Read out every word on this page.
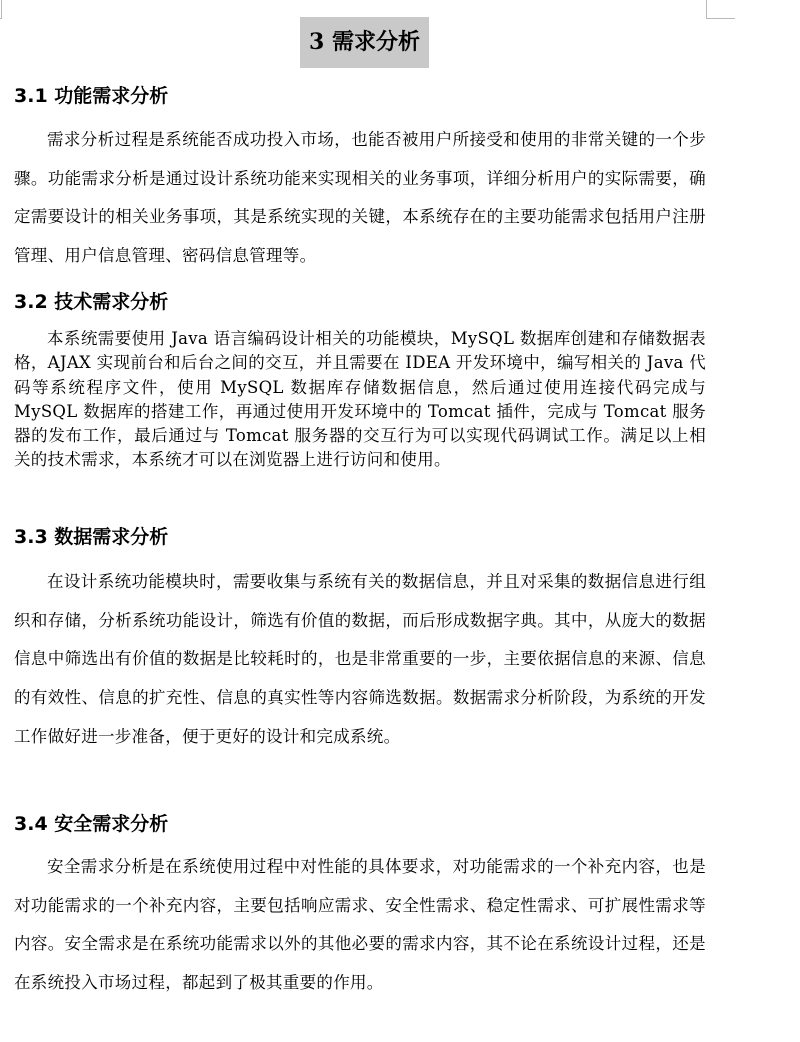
3 需求分析
3.1 功能需求分析

需求分析过程是系统能否成功投入市场，也能否被用户所接受和使用的非常关键的一个步骤。功能需求分析是通过设计系统功能来实现相关的业务事项，详细分析用户的实际需要，确定需要设计的相关业务事项，其是系统实现的关键，本系统存在的主要功能需求包括用户注册管理、用户信息管理、密码信息管理等。

3.2 技术需求分析

本系统需要使用 Java 语言编码设计相关的功能模块，MySQL 数据库创建和存储数据表格，AJAX 实现前台和后台之间的交互，并且需要在 IDEA 开发环境中，编写相关的 Java 代码等系统程序文件，使用 MySQL 数据库存储数据信息，然后通过使用连接代码完成与 MySQL 数据库的搭建工作，再通过使用开发环境中的 Tomcat 插件，完成与 Tomcat 服务器的发布工作，最后通过与 Tomcat 服务器的交互行为可以实现代码调试工作。满足以上相关的技术需求，本系统才可以在浏览器上进行访问和使用。

3.3 数据需求分析

在设计系统功能模块时，需要收集与系统有关的数据信息，并且对采集的数据信息进行组织和存储，分析系统功能设计，筛选有价值的数据，而后形成数据字典。其中，从庞大的数据信息中筛选出有价值的数据是比较耗时的，也是非常重要的一步，主要依据信息的来源、信息的有效性、信息的扩充性、信息的真实性等内容筛选数据。数据需求分析阶段，为系统的开发工作做好进一步准备，便于更好的设计和完成系统。

3.4 安全需求分析

安全需求分析是在系统使用过程中对性能的具体要求，对功能需求的一个补充内容，也是对功能需求的一个补充内容，主要包括响应需求、安全性需求、稳定性需求、可扩展性需求等内容。安全需求是在系统功能需求以外的其他必要的需求内容，其不论在系统设计过程，还是在系统投入市场过程，都起到了极其重要的作用。
